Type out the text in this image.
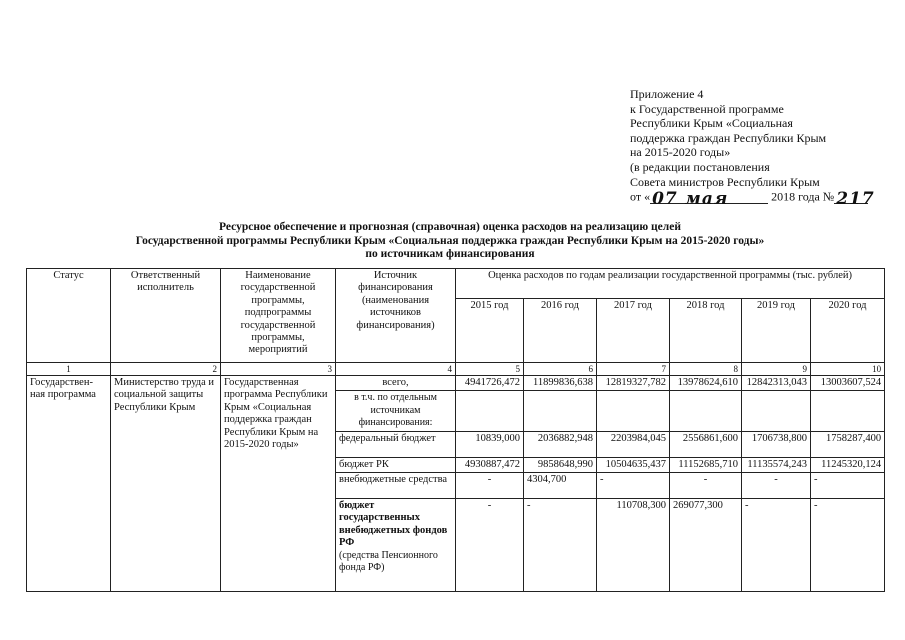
Приложение 4
к Государственной программе
Республики Крым «Социальная
поддержка граждан Республики Крым
на 2015-2020 годы»
(в редакции постановления
Совета министров Республики Крым
от « 07 мая	2018 года № 217
Ресурсное обеспечение и прогнозная (справочная) оценка расходов на реализацию целей
Государственной программы Республики Крым «Социальная поддержка граждан Республики Крым на 2015-2020 годы»
по источникам финансирования
Статус	Ответственный исполнитель	Наименование государственной программы, подпрограммы государственной программы, мероприятий	Источник финансирования (наименования источников финансирования)	Оценка расходов по годам реализации государственной программы (тыс. рублей)					
				2015 год	2016 год	2017 год	2018 год	2019 год	2020 год
1	2	3	4	5	6	7	8	9	10
Государствен-ная программа	Министерство труда и социальной защиты Республики Крым	Государственная программа Республики Крым «Социальная поддержка граждан Республики Крым на 2015-2020 годы»	всего,	4941726,472	11899836,638	12819327,782	13978624,610	12842313,043	13003607,524
			в т.ч. по отдельным источникам финансирования:						
			федеральный бюджет	10839,000	2036882,948	2203984,045	2556861,600	1706738,800	1758287,400
			бюджет РК	4930887,472	9858648,990	10504635,437	11152685,710	11135574,243	11245320,124
			внебюджетные средства	-	4304,700	-	-	-	-
			бюджет государственных внебюджетных фондов РФ
(средства Пенсионного фонда РФ)	-	-	110708,300	269077,300	-	-
